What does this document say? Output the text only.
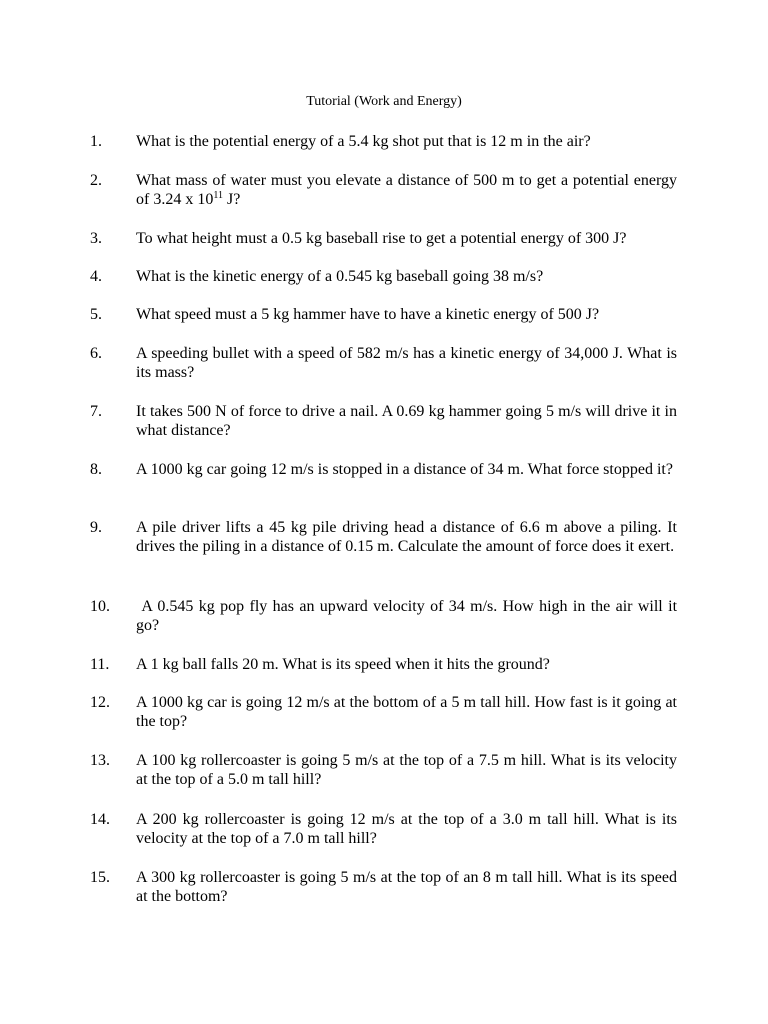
Tutorial (Work and Energy)
1. What is the potential energy of a 5.4 kg shot put that is 12 m in the air?
2. What mass of water must you elevate a distance of 500 m to get a potential energy of 3.24 x $10^{11}$ J?
3. To what height must a 0.5 kg baseball rise to get a potential energy of 300 J?
4. What is the kinetic energy of a 0.545 kg baseball going 38 m/s?
5. What speed must a 5 kg hammer have to have a kinetic energy of 500 J?
6. A speeding bullet with a speed of 582 m/s has a kinetic energy of 34,000 J. What is its mass?
7. It takes 500 N of force to drive a nail. A 0.69 kg hammer going 5 m/s will drive it in what distance?
8. A 1000 kg car going 12 m/s is stopped in a distance of 34 m. What force stopped it?
9. A pile driver lifts a 45 kg pile driving head a distance of 6.6 m above a piling. It drives the piling in a distance of 0.15 m. Calculate the amount of force does it exert.
10. A 0.545 kg pop fly has an upward velocity of 34 m/s. How high in the air will it go?
11. A 1 kg ball falls 20 m. What is its speed when it hits the ground?
12. A 1000 kg car is going 12 m/s at the bottom of a 5 m tall hill. How fast is it going at the top?
13. A 100 kg rollercoaster is going 5 m/s at the top of a 7.5 m hill. What is its velocity at the top of a 5.0 m tall hill?
14. A 200 kg rollercoaster is going 12 m/s at the top of a 3.0 m tall hill. What is its velocity at the top of a 7.0 m tall hill?
15. A 300 kg rollercoaster is going 5 m/s at the top of an 8 m tall hill. What is its speed at the bottom?
